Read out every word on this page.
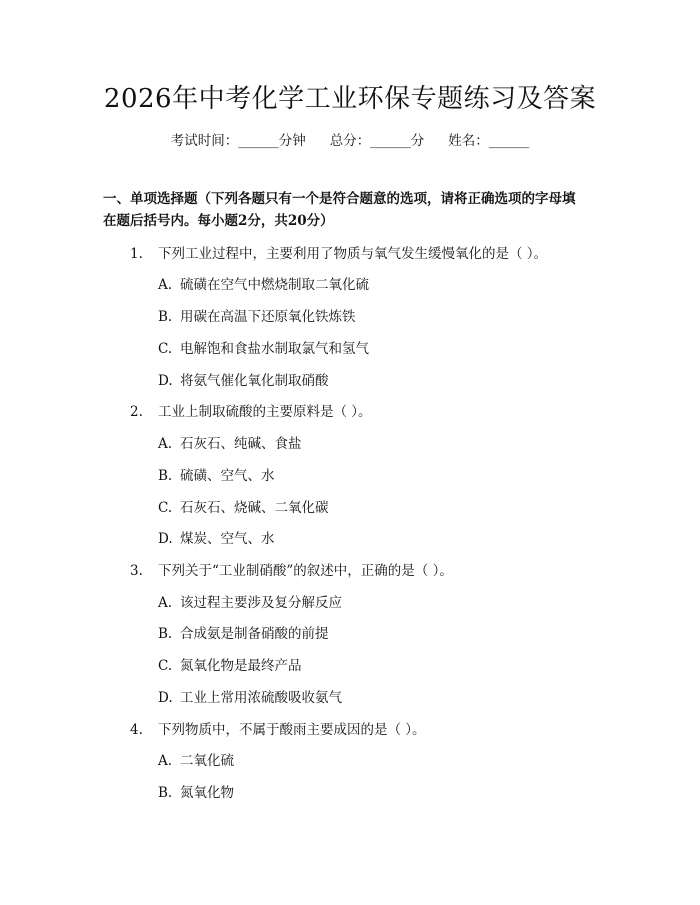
2026年中考化学工业环保专题练习及答案
考试时间：______分钟 总分：______分 姓名：______
一、单项选择题（下列各题只有一个是符合题意的选项，请将正确选项的字母填
在题后括号内。每小题2分，共20分）
1. 下列工业过程中，主要利用了物质与氧气发生缓慢氧化的是（ ）。
A. 硫磺在空气中燃烧制取二氧化硫
B. 用碳在高温下还原氧化铁炼铁
C. 电解饱和食盐水制取氯气和氢气
D. 将氨气催化氧化制取硝酸
2. 工业上制取硫酸的主要原料是（ ）。
A. 石灰石、纯碱、食盐
B. 硫磺、空气、水
C. 石灰石、烧碱、二氧化碳
D. 煤炭、空气、水
3. 下列关于“工业制硝酸”的叙述中，正确的是（ ）。
A. 该过程主要涉及复分解反应
B. 合成氨是制备硝酸的前提
C. 氮氧化物是最终产品
D. 工业上常用浓硫酸吸收氨气
4. 下列物质中，不属于酸雨主要成因的是（ ）。
A. 二氧化硫
B. 氮氧化物
